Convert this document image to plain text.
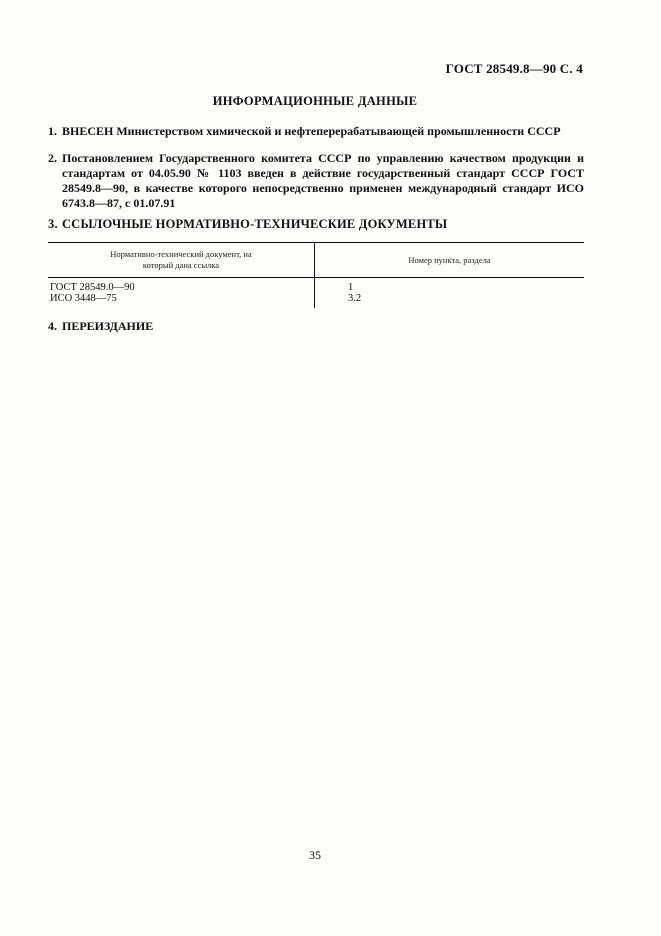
ГОСТ 28549.8—90 С. 4
ИНФОРМАЦИОННЫЕ ДАННЫЕ
1. ВНЕСЕН Министерством химической и нефтеперерабатывающей промышленности СССР
2. Постановлением Государственного комитета СССР по управлению качеством продукции и стандартам от 04.05.90 № 1103 введен в действие государственный стандарт СССР ГОСТ 28549.8—90, в качестве которого непосредственно применен международный стандарт ИСО 6743.8—87, с 01.07.91
3. ССЫЛОЧНЫЕ НОРМАТИВНО-ТЕХНИЧЕСКИЕ ДОКУМЕНТЫ
Нормативно-технический документ, на который дана ссылка	Номер пункта, раздела
ГОСТ 28549.0—90	1
ИСО 3448—75	3.2
4. ПЕРЕИЗДАНИЕ
35
